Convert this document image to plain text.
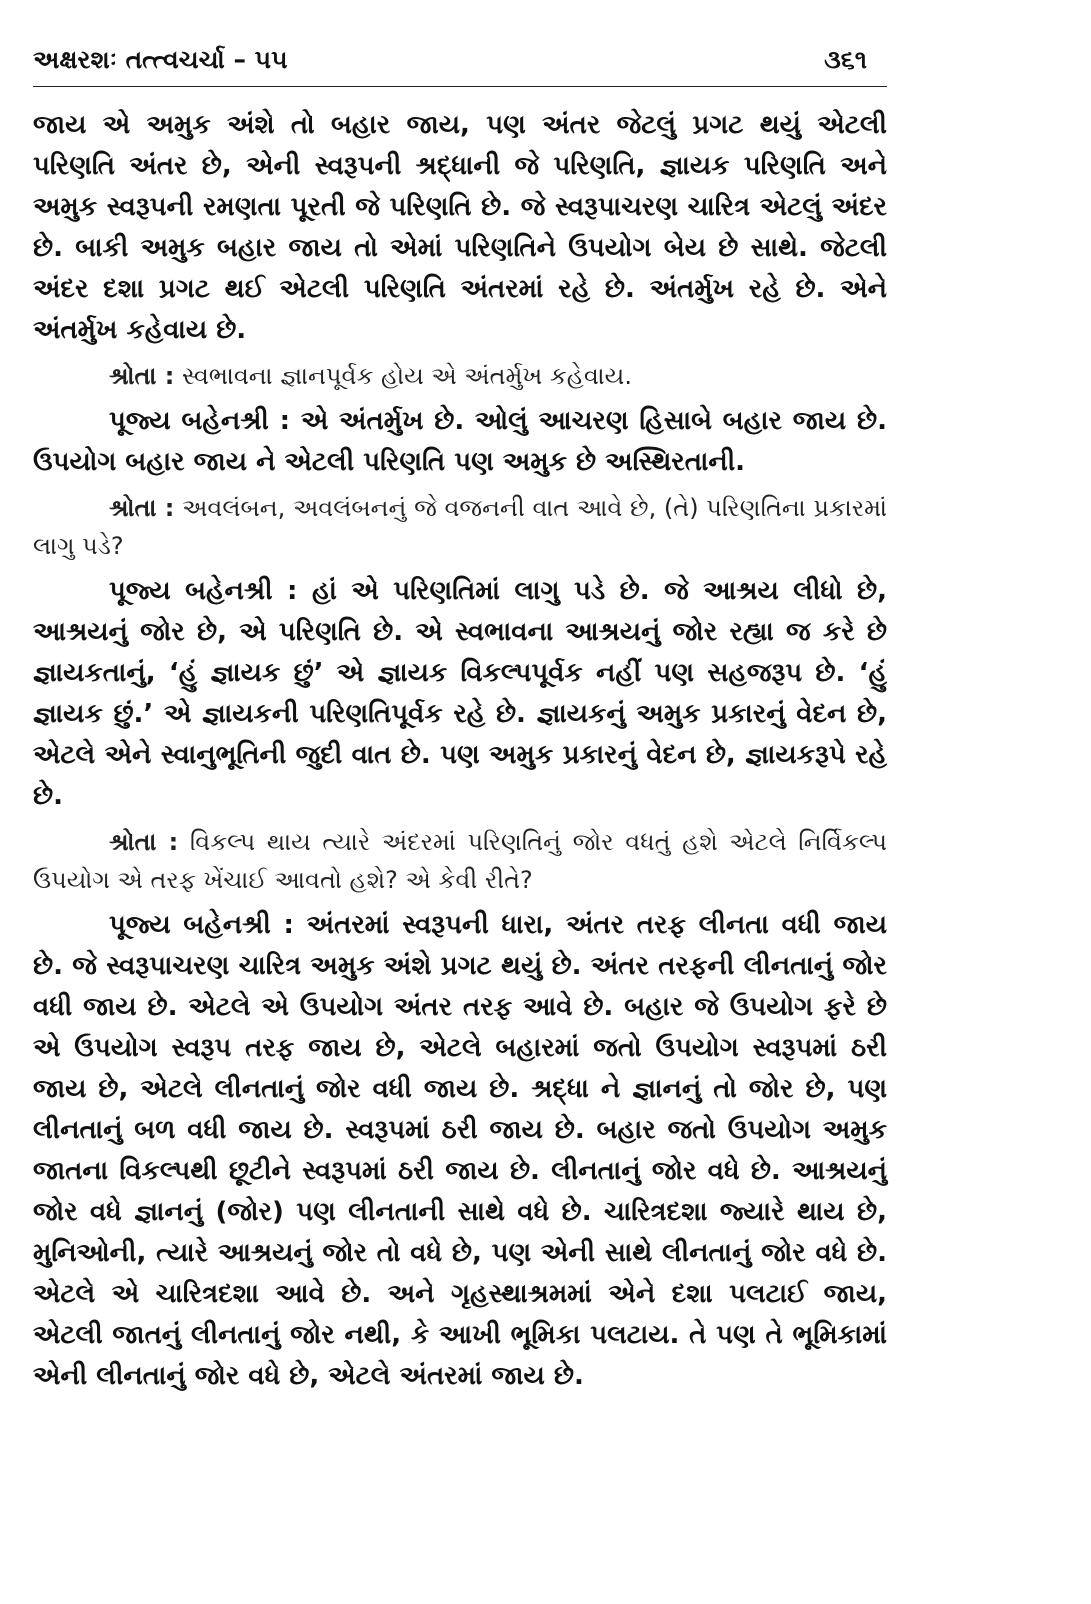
અક્ષરશઃ તત્ત્વચર્ચા – ૫૫	૩૬૧

જાય એ અમુક અંશે તો બહાર જાય, પણ અંતર જેટલું પ્રગટ થયું એટલી પરિણતિ અંતર છે, એની સ્વરૂપની શ્રદ્ધાની જે પરિણતિ, જ્ઞાયક પરિણતિ અને અમુક સ્વરૂપની રમણતા પૂરતી જે પરિણતિ છે. જે સ્વરૂપાચરણ ચારિત્ર એટલું અંદર છે. બાકી અમુક બહાર જાય તો એમાં પરિણતિને ઉપયોગ બેય છે સાથે. જેટલી અંદર દશા પ્રગટ થઈ એટલી પરિણતિ અંતરમાં રહે છે. અંતર્મુખ રહે છે. એને અંતર્મુખ કહેવાય છે.

શ્રોતા : સ્વભાવના જ્ઞાનપૂર્વક હોય એ અંતર્મુખ કહેવાય.

પૂજ્ય બહેનશ્રી : એ અંતર્મુખ છે. ઓલું આચરણ હિસાબે બહાર જાય છે. ઉપયોગ બહાર જાય ને એટલી પરિણતિ પણ અમુક છે અસ્થિરતાની.

શ્રોતા : અવલંબન, અવલંબનનું જે વજનની વાત આવે છે, (તે) પરિણતિના પ્રકારમાં લાગુ પડે?

પૂજ્ય બહેનશ્રી : હાં એ પરિણતિમાં લાગુ પડે છે. જે આશ્રય લીધો છે, આશ્રયનું જોર છે, એ પરિણતિ છે. એ સ્વભાવના આશ્રયનું જોર રહ્યા જ કરે છે જ્ઞાયકતાનું, ‘હું જ્ઞાયક છું’ એ જ્ઞાયક વિકલ્પપૂર્વક નહીં પણ સહજરૂપ છે. ‘હું જ્ઞાયક છું.’ એ જ્ઞાયકની પરિણતિપૂર્વક રહે છે. જ્ઞાયકનું અમુક પ્રકારનું વેદન છે, એટલે એને સ્વાનુભૂતિની જુદી વાત છે. પણ અમુક પ્રકારનું વેદન છે, જ્ઞાયકરૂપે રહે છે.

શ્રોતા : વિકલ્પ થાય ત્યારે અંદરમાં પરિણતિનું જોર વધતું હશે એટલે નિર્વિકલ્પ ઉપયોગ એ તરફ ખેંચાઈ આવતો હશે? એ કેવી રીતે?

પૂજ્ય બહેનશ્રી : અંતરમાં સ્વરૂપની ધારા, અંતર તરફ લીનતા વધી જાય છે. જે સ્વરૂપાચરણ ચારિત્ર અમુક અંશે પ્રગટ થયું છે. અંતર તરફની લીનતાનું જોર વધી જાય છે. એટલે એ ઉપયોગ અંતર તરફ આવે છે. બહાર જે ઉપયોગ ફરે છે એ ઉપયોગ સ્વરૂપ તરફ જાય છે, એટલે બહારમાં જતો ઉપયોગ સ્વરૂપમાં ઠરી જાય છે, એટલે લીનતાનું જોર વધી જાય છે. શ્રદ્ધા ને જ્ઞાનનું તો જોર છે, પણ લીનતાનું બળ વધી જાય છે. સ્વરૂપમાં ઠરી જાય છે. બહાર જતો ઉપયોગ અમુક જાતના વિકલ્પથી છૂટીને સ્વરૂપમાં ઠરી જાય છે. લીનતાનું જોર વધે છે. આશ્રયનું જોર વધે જ્ઞાનનું (જોર) પણ લીનતાની સાથે વધે છે. ચારિત્રદશા જ્યારે થાય છે, મુનિઓની, ત્યારે આશ્રયનું જોર તો વધે છે, પણ એની સાથે લીનતાનું જોર વધે છે. એટલે એ ચારિત્રદશા આવે છે. અને ગૃહસ્થાશ્રમમાં એને દશા પલટાઈ જાય, એટલી જાતનું લીનતાનું જોર નથી, કે આખી ભૂમિકા પલટાય. તે પણ તે ભૂમિકામાં એની લીનતાનું જોર વધે છે, એટલે અંતરમાં જાય છે.
